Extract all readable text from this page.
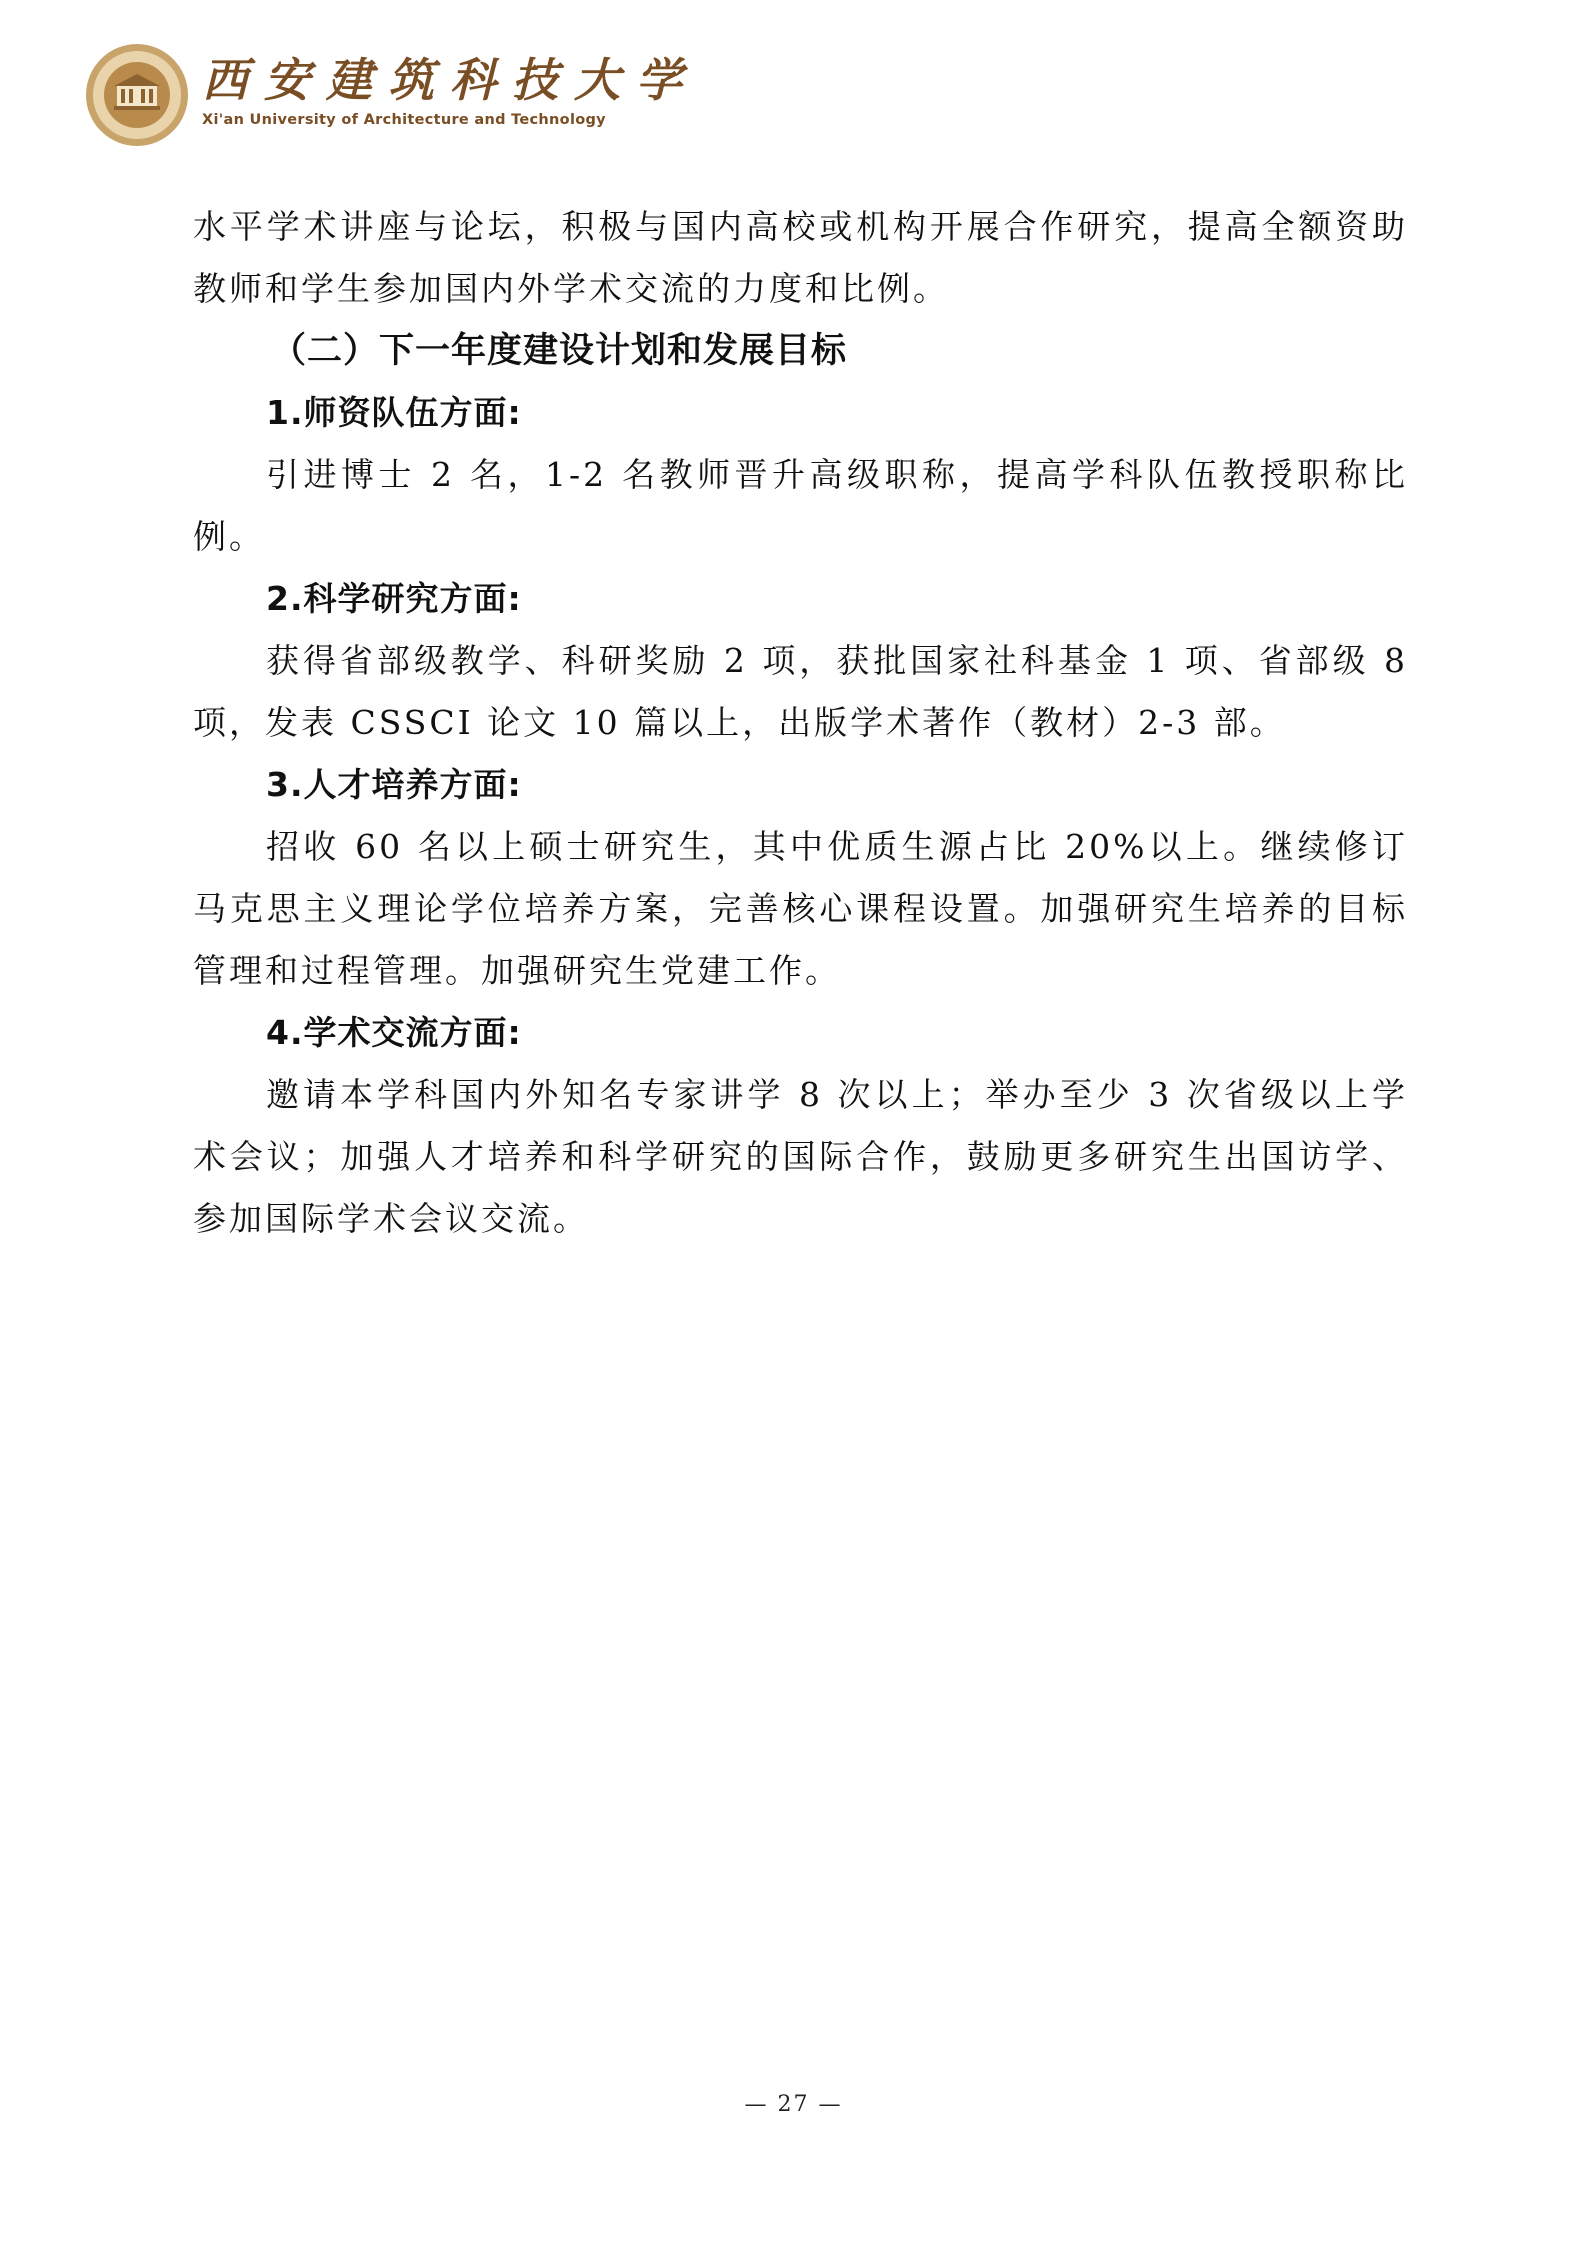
西安建筑科技大学
Xi'an University of Architecture and Technology

水平学术讲座与论坛，积极与国内高校或机构开展合作研究，提高全额资助教师和学生参加国内外学术交流的力度和比例。

（二）下一年度建设计划和发展目标
1.师资队伍方面:

引进博士 2 名，1-2 名教师晋升高级职称，提高学科队伍教授职称比例。

2.科学研究方面:

获得省部级教学、科研奖励 2 项，获批国家社科基金 1 项、省部级 8 项，发表 CSSCI 论文 10 篇以上，出版学术著作（教材）2-3 部。

3.人才培养方面:

招收 60 名以上硕士研究生，其中优质生源占比 20%以上。继续修订马克思主义理论学位培养方案，完善核心课程设置。加强研究生培养的目标管理和过程管理。加强研究生党建工作。

4.学术交流方面:

邀请本学科国内外知名专家讲学 8 次以上；举办至少 3 次省级以上学术会议；加强人才培养和科学研究的国际合作，鼓励更多研究生出国访学、参加国际学术会议交流。

— 27 —
